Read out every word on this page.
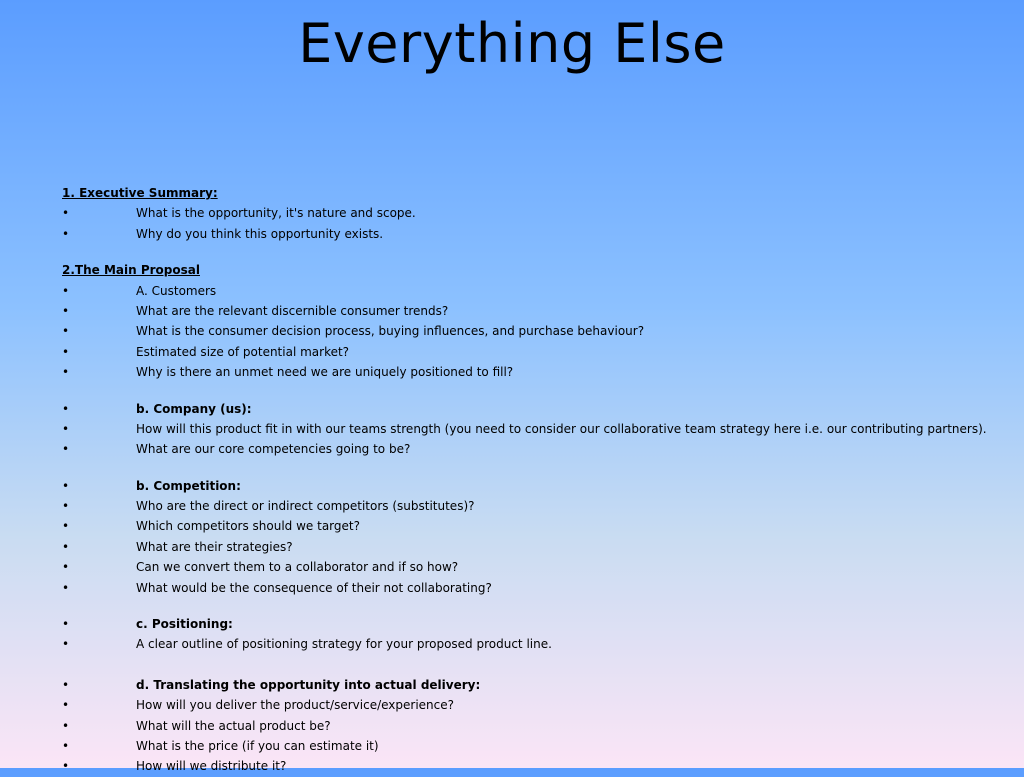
Everything Else
1. Executive Summary:
•	What is the opportunity, it's nature and scope.
•	Why do you think this opportunity exists.
2.The Main Proposal
•	A. Customers
•	What are the relevant discernible consumer trends?
•	What is the consumer decision process, buying influences, and purchase behaviour?
•	Estimated size of potential market?
•	Why is there an unmet need we are uniquely positioned to fill?
•	b. Company (us):
•	How will this product fit in with our teams strength (you need to consider our collaborative team strategy here i.e. our contributing partners).
•	What are our core competencies going to be?
•	b. Competition:
•	Who are the direct or indirect competitors (substitutes)?
•	Which competitors should we target?
•	What are their strategies?
•	Can we convert them to a collaborator and if so how?
•	What would be the consequence of their not collaborating?
•	c. Positioning:
•	A clear outline of positioning strategy for your proposed product line.
•	d. Translating the opportunity into actual delivery:
•	How will you deliver the product/service/experience?
•	What will the actual product be?
•	What is the price (if you can estimate it)
•	How will we distribute it?
